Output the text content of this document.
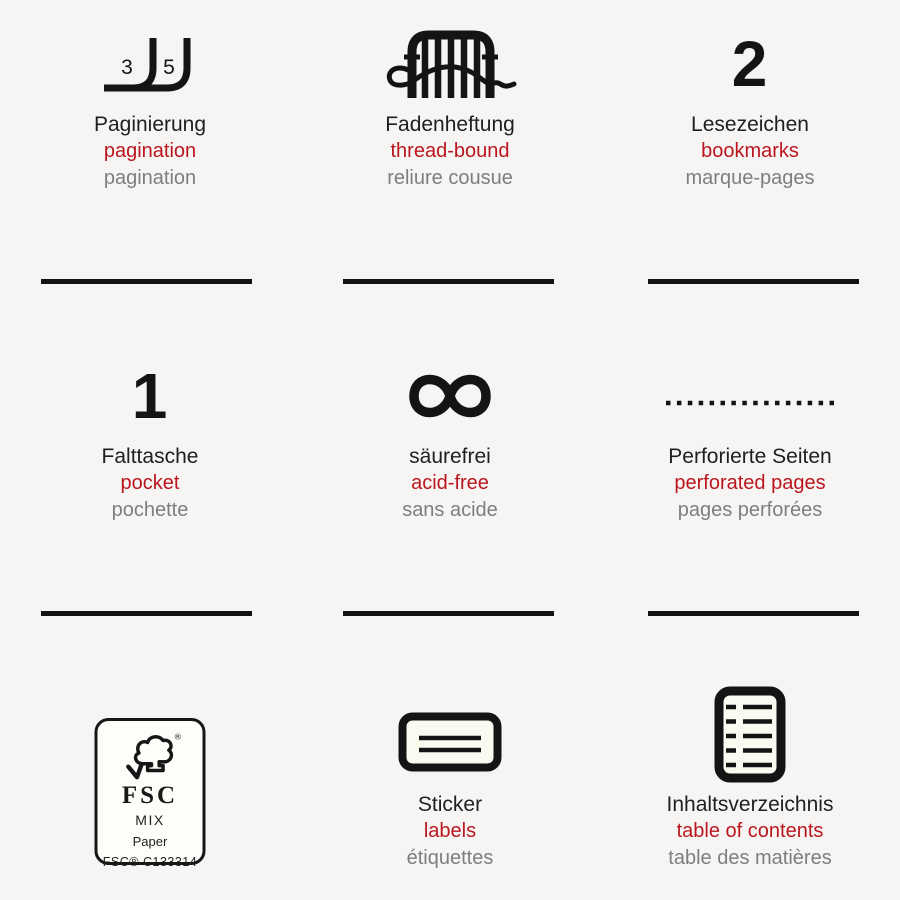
3 5
Paginierung
pagination
pagination
Fadenheftung
thread-bound
reliure cousue
2
Lesezeichen
bookmarks
marque-pages
1
Falttasche
pocket
pochette
säurefrei
acid-free
sans acide
Perforierte Seiten
perforated pages
pages perforées
®
FSC
MIX
Paper
FSC® C133314
Sticker
labels
étiquettes
Inhaltsverzeichnis
table of contents
table des matières
